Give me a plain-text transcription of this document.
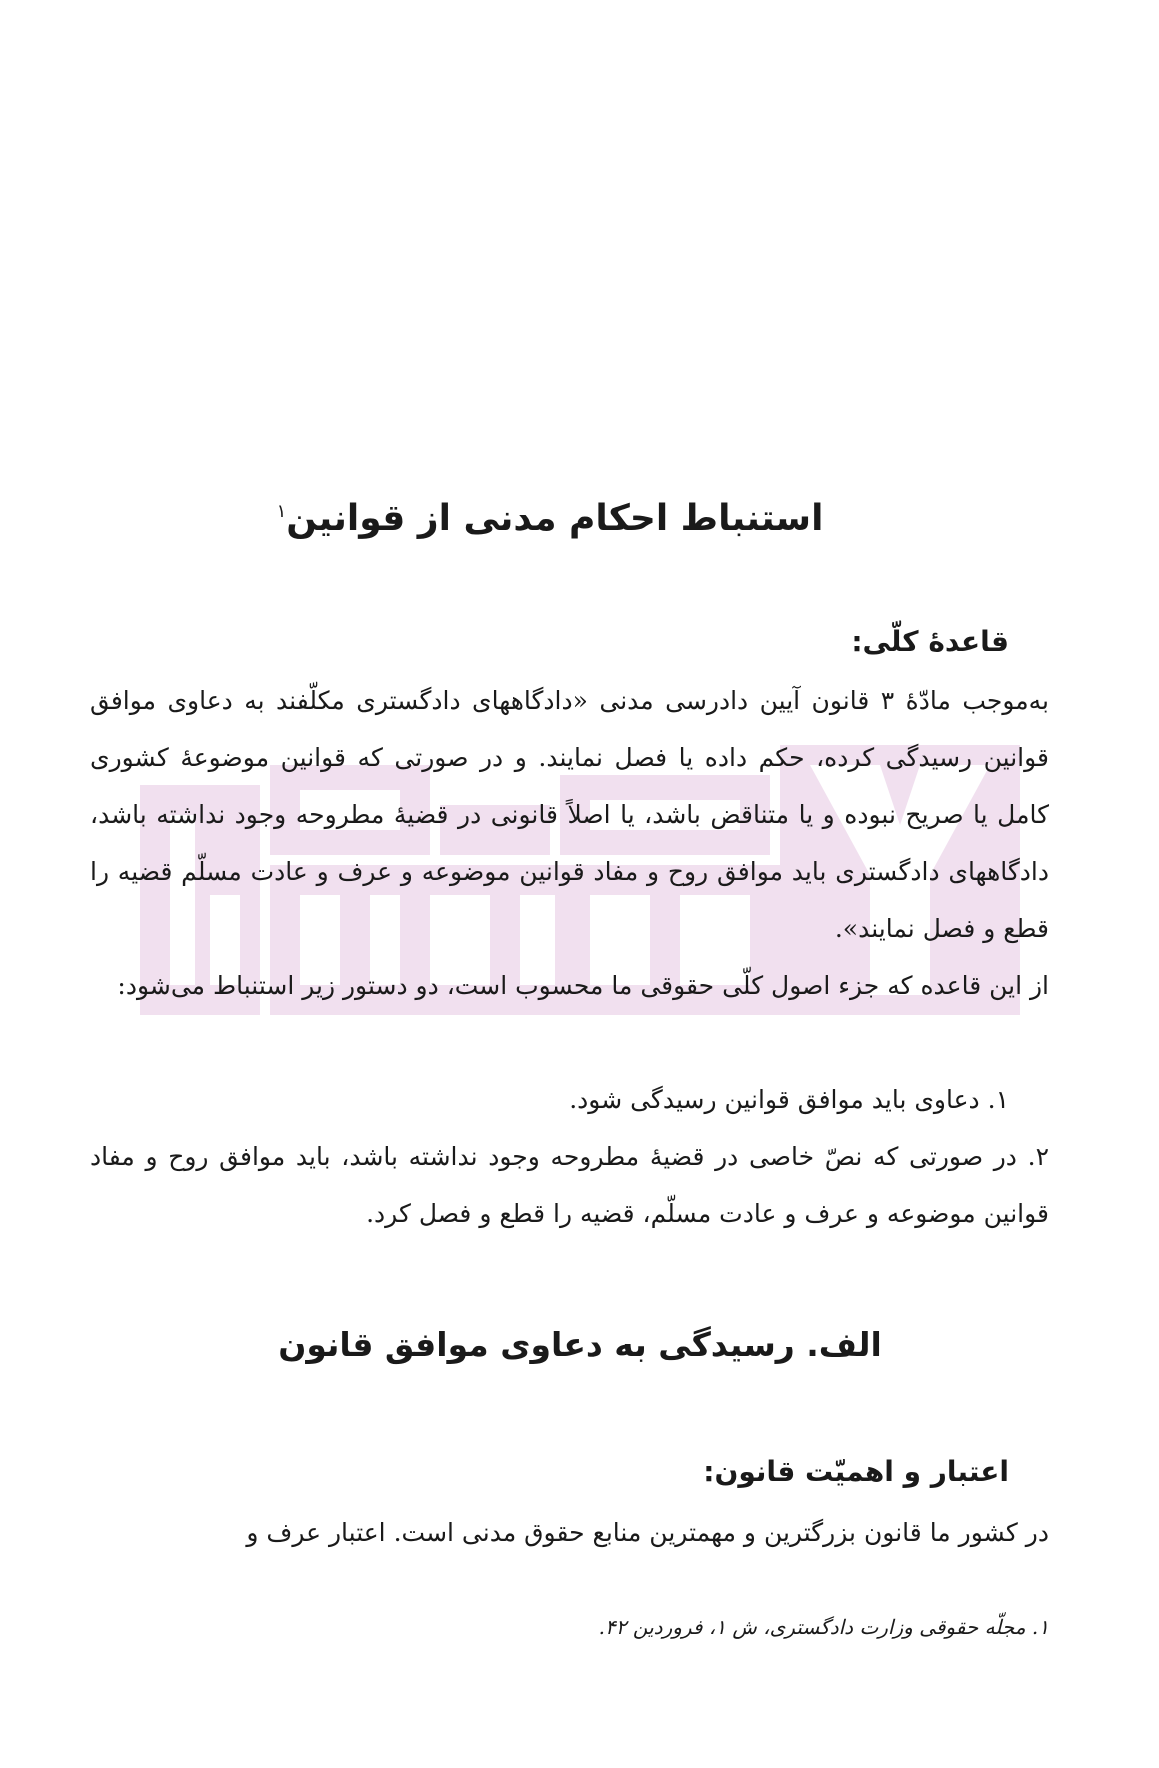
استنباط احکام مدنی از قوانین$^۱$
قاعدهٔ کلّی:
به‌موجب مادّهٔ ۳ قانون آیین دادرسی مدنی «دادگاههای دادگستری مکلّفند به دعاوی موافق قوانین رسیدگی کرده، حکم داده یا فصل نمایند. و در صورتی که قوانین موضوعهٔ کشوری کامل یا صریح نبوده و یا متناقض باشد، یا اصلاً قانونی در قضیهٔ مطروحه وجود نداشته باشد، دادگاههای دادگستری باید موافق روح و مفاد قوانین موضوعه و عرف و عادت مسلّم قضیه را قطع و فصل نمایند».
از این قاعده که جزء اصول کلّی حقوقی ما محسوب است، دو دستور زیر استنباط می‌شود:
۱. دعاوی باید موافق قوانین رسیدگی شود.
۲. در صورتی که نصّ خاصی در قضیهٔ مطروحه وجود نداشته باشد، باید موافق روح و مفاد قوانین موضوعه و عرف و عادت مسلّم، قضیه را قطع و فصل کرد.
الف. رسیدگی به دعاوی موافق قانون
اعتبار و اهمیّت قانون:
در کشور ما قانون بزرگترین و مهمترین منابع حقوق مدنی است. اعتبار عرف و
۱. مجلّه حقوقی وزارت دادگستری، ش ۱، فروردین ۴۲.
